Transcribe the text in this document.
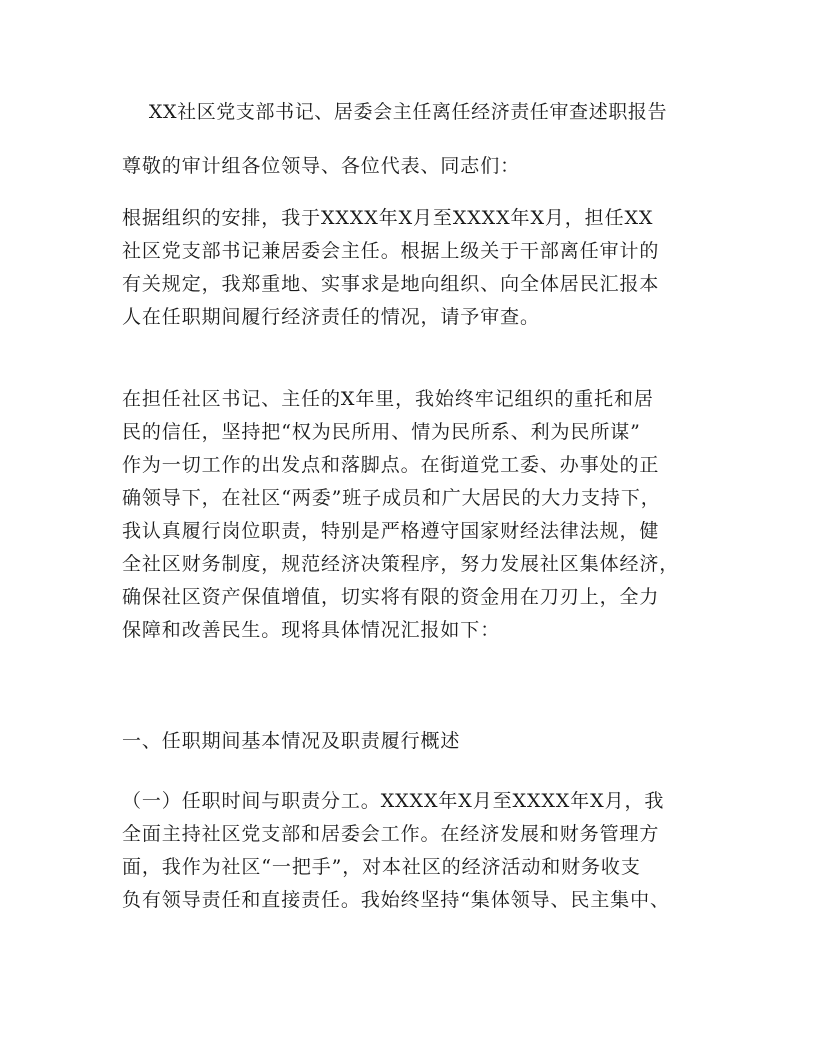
XX社区党支部书记、居委会主任离任经济责任审查述职报告
尊敬的审计组各位领导、各位代表、同志们：
根据组织的安排，我于XXXX年X月至XXXX年X月，担任XX
社区党支部书记兼居委会主任。根据上级关于干部离任审计的
有关规定，我郑重地、实事求是地向组织、向全体居民汇报本
人在任职期间履行经济责任的情况，请予审查。
在担任社区书记、主任的X年里，我始终牢记组织的重托和居
民的信任，坚持把“权为民所用、情为民所系、利为民所谋”
作为一切工作的出发点和落脚点。在街道党工委、办事处的正
确领导下，在社区“两委”班子成员和广大居民的大力支持下，
我认真履行岗位职责，特别是严格遵守国家财经法律法规，健
全社区财务制度，规范经济决策程序，努力发展社区集体经济，
确保社区资产保值增值，切实将有限的资金用在刀刃上，全力
保障和改善民生。现将具体情况汇报如下：
一、任职期间基本情况及职责履行概述
（一）任职时间与职责分工。XXXX年X月至XXXX年X月，我
全面主持社区党支部和居委会工作。在经济发展和财务管理方
面，我作为社区“一把手”，对本社区的经济活动和财务收支
负有领导责任和直接责任。我始终坚持“集体领导、民主集中、
